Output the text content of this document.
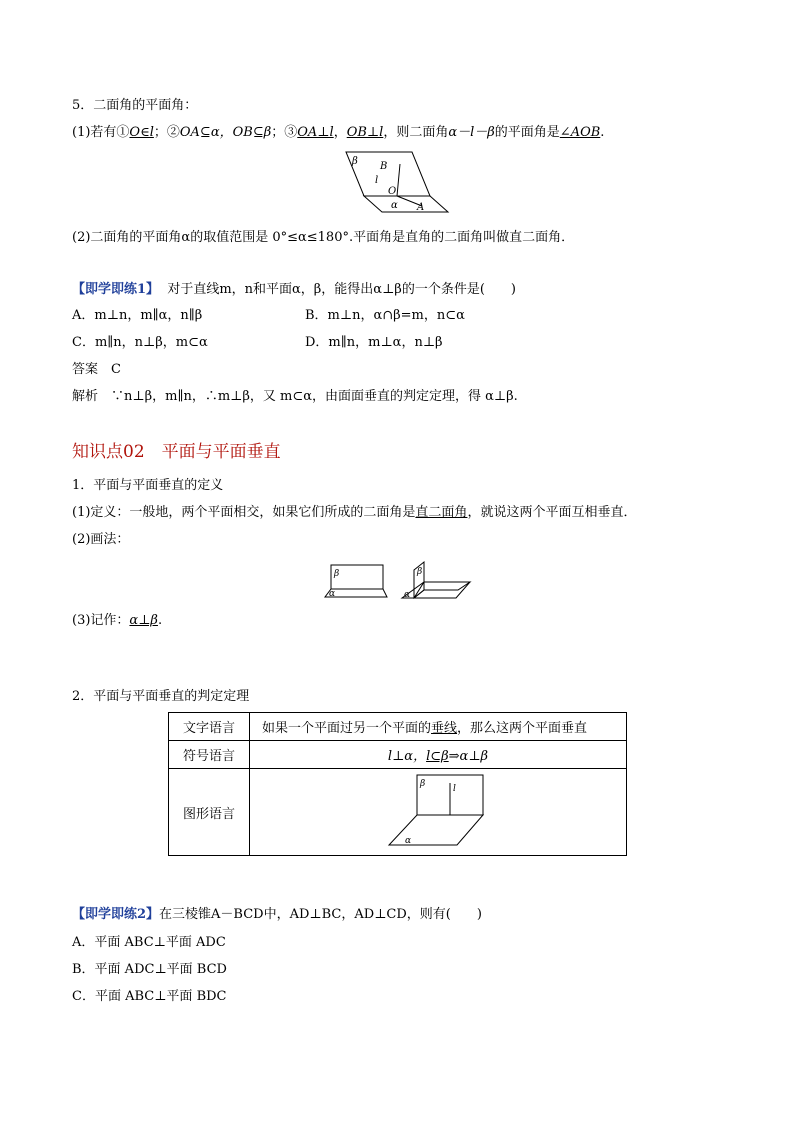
5．二面角的平面角：
(1)若有①O∈l；②OA⊆α，OB⊆β；③OA⊥l，OB⊥l，则二面角α－l－β的平面角是∠AOB.
β B
l
O
α A
(2)二面角的平面角α的取值范围是 0°≤α≤180°.平面角是直角的二面角叫做直二面角．
【即学即练1】 对于直线m，n和平面α，β，能得出α⊥β的一个条件是(　　)
A．m⊥n，m∥α，n∥β	B．m⊥n，α∩β=m，n⊂α
C．m∥n，n⊥β，m⊂α	D．m∥n，m⊥α，n⊥β
答案　C
解析　∵n⊥β，m∥n，∴m⊥β，又 m⊂α，由面面垂直的判定定理，得 α⊥β.
知识点02　平面与平面垂直
1．平面与平面垂直的定义
(1)定义：一般地，两个平面相交，如果它们所成的二面角是直二面角，就说这两个平面互相垂直．
(2)画法：
β
α
β
α
(3)记作：α⊥β.
2．平面与平面垂直的判定定理
文字语言	如果一个平面过另一个平面的垂线，那么这两个平面垂直
符号语言	l⊥α，l⊂β⇒α⊥β
图形语言	β l
α
【即学即练2】在三棱锥A－BCD中，AD⊥BC，AD⊥CD，则有(　　)
A．平面 ABC⊥平面 ADC
B．平面 ADC⊥平面 BCD
C．平面 ABC⊥平面 BDC
